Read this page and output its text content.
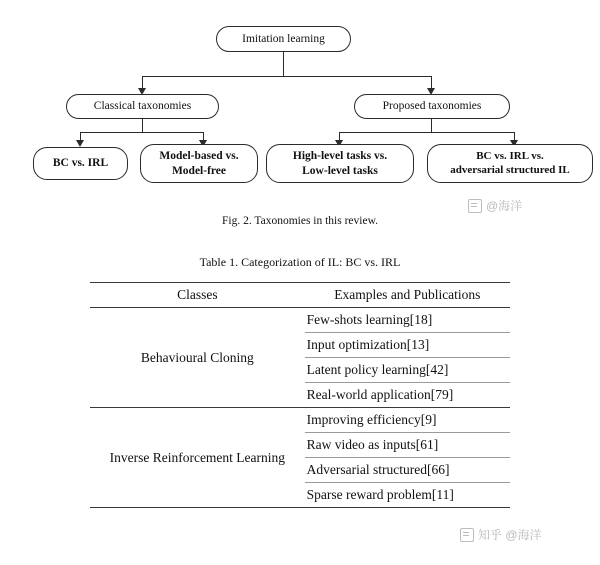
Imitation learning
Classical taxonomies	Proposed taxonomies
BC vs. IRL
Model-based vs.
Model-free
High-level tasks vs.
Low-level tasks
BC vs. IRL vs.
adversarial structured IL
Fig. 2. Taxonomies in this review.
Table 1. Categorization of IL: BC vs. IRL
Classes	Examples and Publications
Behavioural Cloning	Few-shots learning[18]
	Input optimization[13]
	Latent policy learning[42]
	Real-world application[79]
Inverse Reinforcement Learning	Improving efficiency[9]
	Raw video as inputs[61]
	Adversarial structured[66]
	Sparse reward problem[11]

@海洋
知乎 @海洋
